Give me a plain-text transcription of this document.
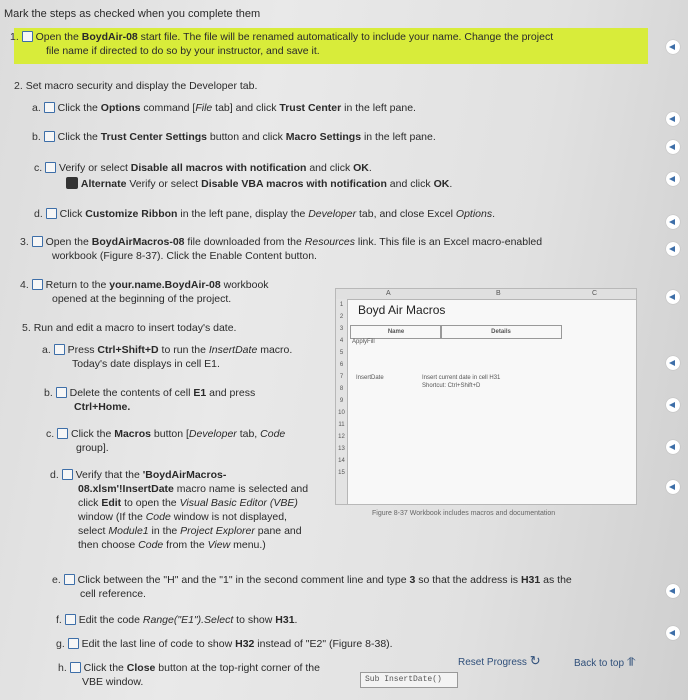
Mark the steps as checked when you complete them
1. Open the BoydAir-08 start file. The file will be renamed automatically to include your name. Change the project
file name if directed to do so by your instructor, and save it.
2. Set macro security and display the Developer tab.
a. Click the Options command [File tab] and click Trust Center in the left pane.
b. Click the Trust Center Settings button and click Macro Settings in the left pane.
c. Verify or select Disable all macros with notification and click OK.
Alternate Verify or select Disable VBA macros with notification and click OK.
d. Click Customize Ribbon in the left pane, display the Developer tab, and close Excel Options.
3. Open the BoydAirMacros-08 file downloaded from the Resources link. This file is an Excel macro-enabled
workbook (Figure 8-37). Click the Enable Content button.
4. Return to the your.name.BoydAir-08 workbook
opened at the beginning of the project.
5. Run and edit a macro to insert today's date.
a. Press Ctrl+Shift+D to run the InsertDate macro.
Today's date displays in cell E1.
b. Delete the contents of cell E1 and press
Ctrl+Home.
c. Click the Macros button [Developer tab, Code
group].
d. Verify that the 'BoydAirMacros-
08.xlsm'!InsertDate macro name is selected and
click Edit to open the Visual Basic Editor (VBE)
window (If the Code window is not displayed,
select Module1 in the Project Explorer pane and
then choose Code from the View menu.)
e. Click between the "H" and the "1" in the second comment line and type 3 so that the address is H31 as the
cell reference.
f. Edit the code Range("E1").Select to show H31.
g. Edit the last line of code to show H32 instead of "E2" (Figure 8-38).
h. Click the Close button at the top-right corner of the
VBE window.
A	B	C
1
2
3
4
5
6
7
8
9
10
11
12
13
14
15
Boyd Air Macros
Name	Details
ApplyFill
InsertDate	Insert current date in cell H31
Shortcut: Ctrl+Shift+D
Figure 8-37 Workbook includes macros and documentation
Sub InsertDate()
Reset Progress ↻	Back to top ⥣
